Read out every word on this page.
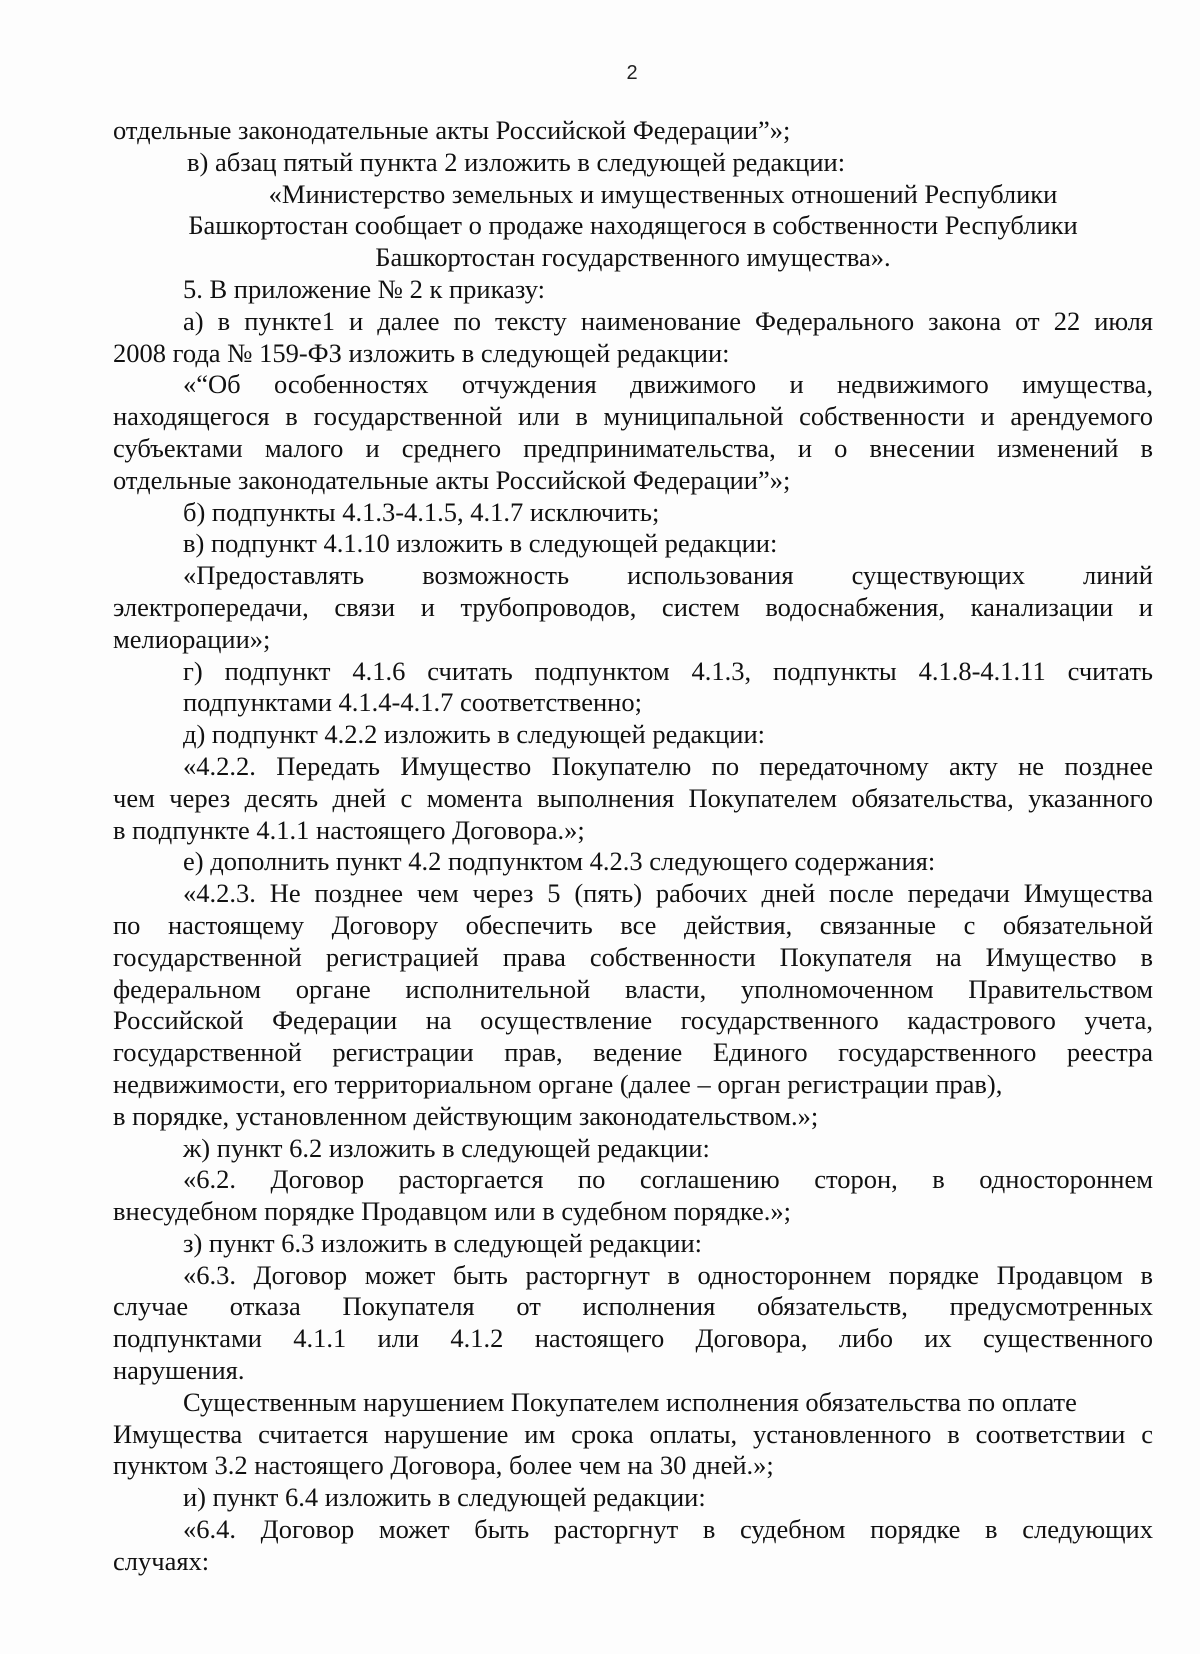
2
отдельные законодательные акты Российской Федерации”»;
в) абзац пятый пункта 2 изложить в следующей редакции:
«Министерство земельных и имущественных отношений Республики
Башкортостан сообщает о продаже находящегося в собственности Республики
Башкортостан государственного имущества».
5. В приложение № 2 к приказу:
а) в пункте1 и далее по тексту наименование Федерального закона от 22 июля
2008 года № 159-ФЗ изложить в следующей редакции:
«“Об особенностях отчуждения движимого и недвижимого имущества,
находящегося в государственной или в муниципальной собственности и арендуемого
субъектами малого и среднего предпринимательства, и о внесении изменений в
отдельные законодательные акты Российской Федерации”»;
б) подпункты 4.1.3-4.1.5, 4.1.7 исключить;
в) подпункт 4.1.10 изложить в следующей редакции:
«Предоставлять возможность использования существующих линий
электропередачи, связи и трубопроводов, систем водоснабжения, канализации и
мелиорации»;
г) подпункт 4.1.6 считать подпунктом 4.1.3, подпункты 4.1.8-4.1.11 считать
подпунктами 4.1.4-4.1.7 соответственно;
д) подпункт 4.2.2 изложить в следующей редакции:
«4.2.2. Передать Имущество Покупателю по передаточному акту не позднее
чем через десять дней с момента выполнения Покупателем обязательства, указанного
в подпункте 4.1.1 настоящего Договора.»;
е) дополнить пункт 4.2 подпунктом 4.2.3 следующего содержания:
«4.2.3. Не позднее чем через 5 (пять) рабочих дней после передачи Имущества
по настоящему Договору обеспечить все действия, связанные с обязательной
государственной регистрацией права собственности Покупателя на Имущество в
федеральном органе исполнительной власти, уполномоченном Правительством
Российской Федерации на осуществление государственного кадастрового учета,
государственной регистрации прав, ведение Единого государственного реестра
недвижимости, его территориальном органе (далее – орган регистрации прав),
в порядке, установленном действующим законодательством.»;
ж) пункт 6.2 изложить в следующей редакции:
«6.2. Договор расторгается по соглашению сторон, в одностороннем
внесудебном порядке Продавцом или в судебном порядке.»;
з) пункт 6.3 изложить в следующей редакции:
«6.3. Договор может быть расторгнут в одностороннем порядке Продавцом в
случае отказа Покупателя от исполнения обязательств, предусмотренных
подпунктами 4.1.1 или 4.1.2 настоящего Договора, либо их существенного
нарушения.
Существенным нарушением Покупателем исполнения обязательства по оплате
Имущества считается нарушение им срока оплаты, установленного в соответствии с
пунктом 3.2 настоящего Договора, более чем на 30 дней.»;
и) пункт 6.4 изложить в следующей редакции:
«6.4. Договор может быть расторгнут в судебном порядке в следующих
случаях:
